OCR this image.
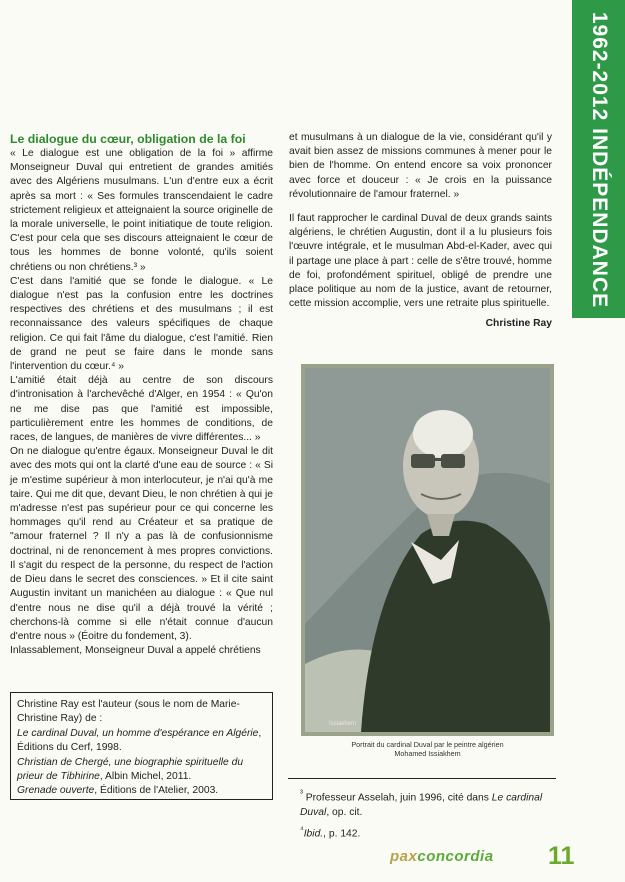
1962-2012 INDÉPENDANCE
Le dialogue du cœur, obligation de la foi

« Le dialogue est une obligation de la foi » affirme Monseigneur Duval qui entretient de grandes amitiés avec des Algériens musulmans. L'un d'entre eux a écrit après sa mort : « Ses formules transcendaient le cadre strictement religieux et atteignaient la source originelle de la morale universelle, le point initiatique de toute religion. C'est pour cela que ses discours atteignaient le cœur de tous les hommes de bonne volonté, qu'ils soient chrétiens ou non chrétiens.³ »

C'est dans l'amitié que se fonde le dialogue. « Le dialogue n'est pas la confusion entre les doctrines respectives des chrétiens et des musulmans ; il est reconnaissance des valeurs spécifiques de chaque religion. Ce qui fait l'âme du dialogue, c'est l'amitié. Rien de grand ne peut se faire dans le monde sans l'intervention du cœur.⁴ »

L'amitié était déjà au centre de son discours d'intronisation à l'archevêché d'Alger, en 1954 : « Qu'on ne me dise pas que l'amitié est impossible, particulièrement entre les hommes de conditions, de races, de langues, de manières de vivre différentes... »

On ne dialogue qu'entre égaux. Monseigneur Duval le dit avec des mots qui ont la clarté d'une eau de source : « Si je m'estime supérieur à mon interlocuteur, je n'ai qu'à me taire. Qui me dit que, devant Dieu, le non chrétien à qui je m'adresse n'est pas supérieur pour ce qui concerne les hommages qu'il rend au Créateur et sa pratique de "amour fraternel ? Il n'y a pas là de confusionnisme doctrinal, ni de renoncement à mes propres convictions. Il s'agit du respect de la personne, du respect de l'action de Dieu dans le secret des consciences. » Et il cite saint Augustin invitant un manichéen au dialogue : « Que nul d'entre nous ne dise qu'il a déjà trouvé la vérité ; cherchons-là comme si elle n'était connue d'aucun d'entre nous » (Éoitre du fondement, 3).

Inlassablement, Monseigneur Duval a appelé chrétiens

et musulmans à un dialogue de la vie, considérant qu'il y avait bien assez de missions communes à mener pour le bien de l'homme. On entend encore sa voix prononcer avec force et douceur : « Je crois en la puissance révolutionnaire de l'amour fraternel. »

Il faut rapprocher le cardinal Duval de deux grands saints algériens, le chrétien Augustin, dont il a lu plusieurs fois l'œuvre intégrale, et le musulman Abd-el-Kader, avec qui il partage une place à part : celle de s'être trouvé, homme de foi, profondément spirituel, obligé de prendre une place politique au nom de la justice, avant de retourner, cette mission accomplie, vers une retraite plus spirituelle.

Christine Ray
Issiakhem
Portrait du cardinal Duval par le peintre algérien
Mohamed Issiakhem

Christine Ray est l'auteur (sous le nom de Marie-Christine Ray) de :

Le cardinal Duval, un homme d'espérance en Algérie, Éditions du Cerf, 1998.

Christian de Chergé, une biographie spirituelle du prieur de Tibhirine, Albin Michel, 2011.

Grenade ouverte, Éditions de l'Atelier, 2003.	$^{^3}$ Professeur Asselah, juin 1996, cité dans Le cardinal Duval, op. cit.

$^{^4}$Ibid., p. 142.

paxconcordia 11
